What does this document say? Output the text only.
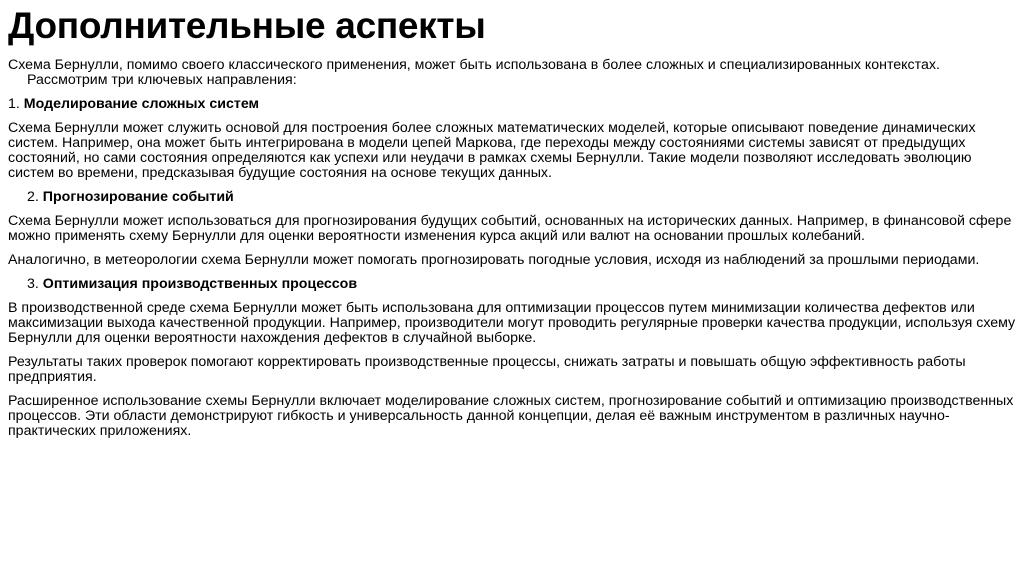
Дополнительные аспекты

Схема Бернулли, помимо своего классического применения, может быть использована в более сложных и специализированных контекстах.
Рассмотрим три ключевых направления:

1. Моделирование сложных систем

Схема Бернулли может служить основой для построения более сложных математических моделей, которые описывают поведение динамических систем. Например, она может быть интегрирована в модели цепей Маркова, где переходы между состояниями системы зависят от предыдущих состояний, но сами состояния определяются как успехи или неудачи в рамках схемы Бернулли. Такие модели позволяют исследовать эволюцию систем во времени, предсказывая будущие состояния на основе текущих данных.

2. Прогнозирование событий

Схема Бернулли может использоваться для прогнозирования будущих событий, основанных на исторических данных. Например, в финансовой сфере можно применять схему Бернулли для оценки вероятности изменения курса акций или валют на основании прошлых колебаний.

Аналогично, в метеорологии схема Бернулли может помогать прогнозировать погодные условия, исходя из наблюдений за прошлыми периодами.

3. Оптимизация производственных процессов

В производственной среде схема Бернулли может быть использована для оптимизации процессов путем минимизации количества дефектов или максимизации выхода качественной продукции. Например, производители могут проводить регулярные проверки качества продукции, используя схему Бернулли для оценки вероятности нахождения дефектов в случайной выборке.

Результаты таких проверок помогают корректировать производственные процессы, снижать затраты и повышать общую эффективность работы предприятия.

Расширенное использование схемы Бернулли включает моделирование сложных систем, прогнозирование событий и оптимизацию производственных процессов. Эти области демонстрируют гибкость и универсальность данной концепции, делая её важным инструментом в различных научно-практических приложениях.
